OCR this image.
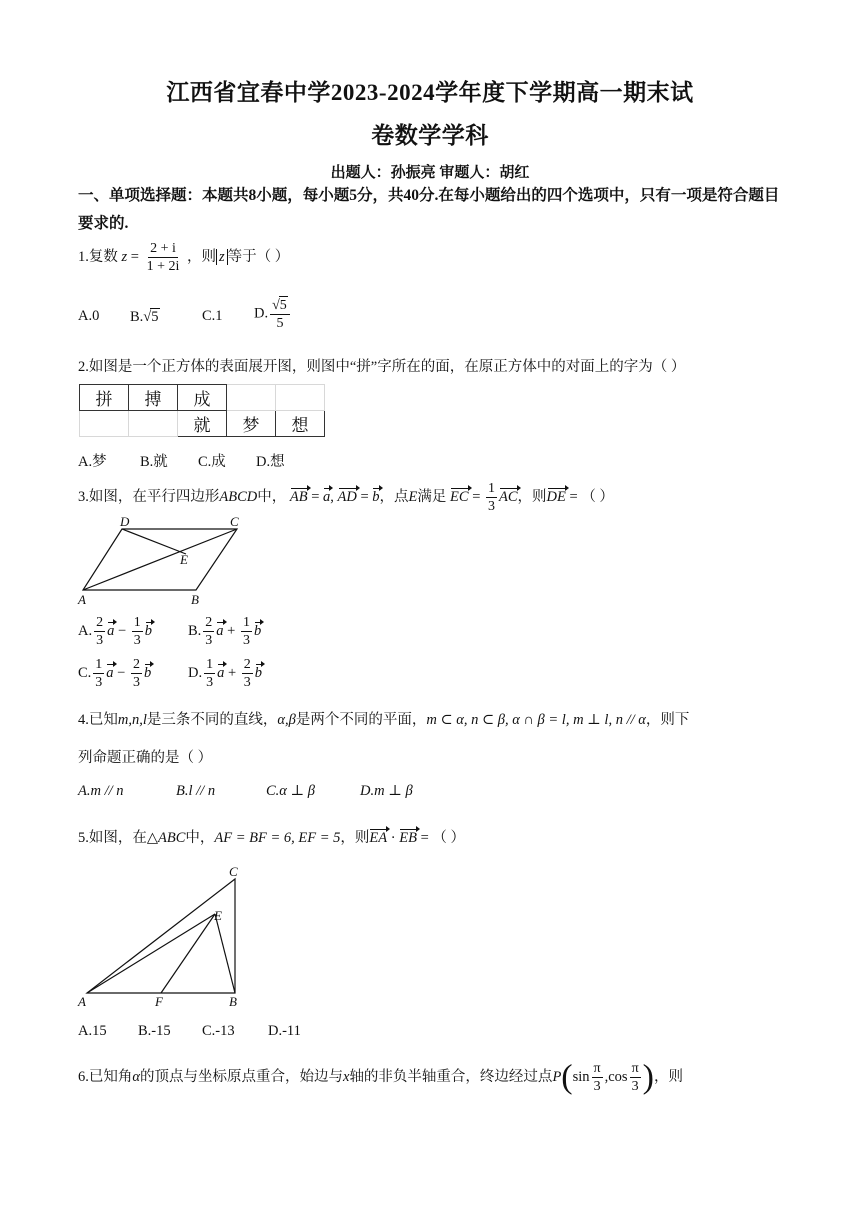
江西省宜春中学2023-2024学年度下学期高一期末试
卷数学学科
出题人：孙振亮 审题人：胡红
一、单项选择题：本题共8小题，每小题5分，共40分.在每小题给出的四个选项中，只有一项是符合题目要求的.
1.复数 $z = \frac{2 + i}{1 + 2i}$ ，则 z 等于（ ）
A.0 B.√5	C.1 D. $\frac{√5}{5}$
2.如图是一个正方体的表面展开图，则图中“拼”字所在的面，在原正方体中的对面上的字为（ ）
拼	搏	成		
		就	梦	想
A.梦 B.就 C.成 D.想
3.如图，在平行四边形ABCD中， AB = a, AD = b，点E满足 EC = $\frac{1}{3}$ AC，则DE = （ ）
D	C
E
A	B
A. $\frac{2}{3}$ $a - \frac{1}{3}$ b B. $\frac{2}{3}$ $a + \frac{1}{3}$ b
C. $\frac{1}{3}$ $a - \frac{2}{3}$ b	D. $\frac{1}{3}$ $a + \frac{2}{3}$ b
4.已知m,n,l是三条不同的直线，α,β是两个不同的平面，m ⊂ α, n ⊂ β, α ∩ β = l, m ⊥ l, n // α，则下
列命题正确的是（ ）
A.m // n	B.l // n	C.α ⊥ β	D.m ⊥ β
5.如图，在△ABC中，AF = BF = 6, EF = 5，则EA · EB = （ ）
C
E
A	F	B
A.15 B.-15 C.-13 D.-11
6.已知角α的顶点与坐标原点重合，始边与x轴的非负半轴重合，终边经过点$P(\sin \frac{\pi}{3} ,\cos \frac{\pi}{3}$ )，则
